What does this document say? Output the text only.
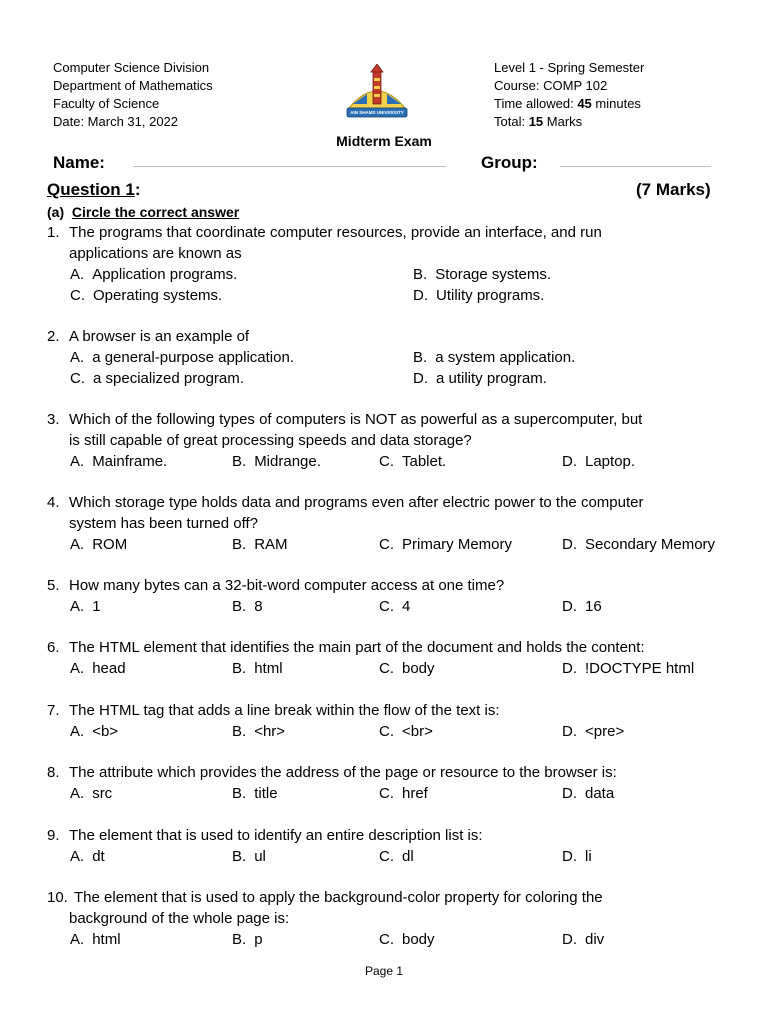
Computer Science Division
Department of Mathematics
Faculty of Science
Date: March 31, 2022
AIN SHAMS UNIVERSITY
Level 1 - Spring Semester
Course: COMP 102
Time allowed: 45 minutes
Total: 15 Marks
Midterm Exam
Name:	Group:
Question 1:	(7 Marks)
(a) Circle the correct answer
1. The programs that coordinate computer resources, provide an interface, and run
applications are known as
A. Application programs.	B. Storage systems.
C. Operating systems.	D. Utility programs.
2. A browser is an example of
A. a general-purpose application.	B. a system application.
C. a specialized program.	D. a utility program.
3. Which of the following types of computers is NOT as powerful as a supercomputer, but
is still capable of great processing speeds and data storage?
A. Mainframe.	B. Midrange.	C. Tablet.	D. Laptop.
4. Which storage type holds data and programs even after electric power to the computer
system has been turned off?
A. ROM	B. RAM	C. Primary Memory	D. Secondary Memory
5. How many bytes can a 32-bit-word computer access at one time?
A. 1	B. 8	C. 4	D. 16
6. The HTML element that identifies the main part of the document and holds the content:
A. head	B. html	C. body	D. !DOCTYPE html
7. The HTML tag that adds a line break within the flow of the text is:
A. <b>	B. <hr>	C. <br>	D. <pre>
8. The attribute which provides the address of the page or resource to the browser is:
A. src	B. title	C. href	D. data
9. The element that is used to identify an entire description list is:
A. dt	B. ul	C. dl	D. li
10. The element that is used to apply the background-color property for coloring the
background of the whole page is:
A. html	B. p	C. body	D. div
Page 1
